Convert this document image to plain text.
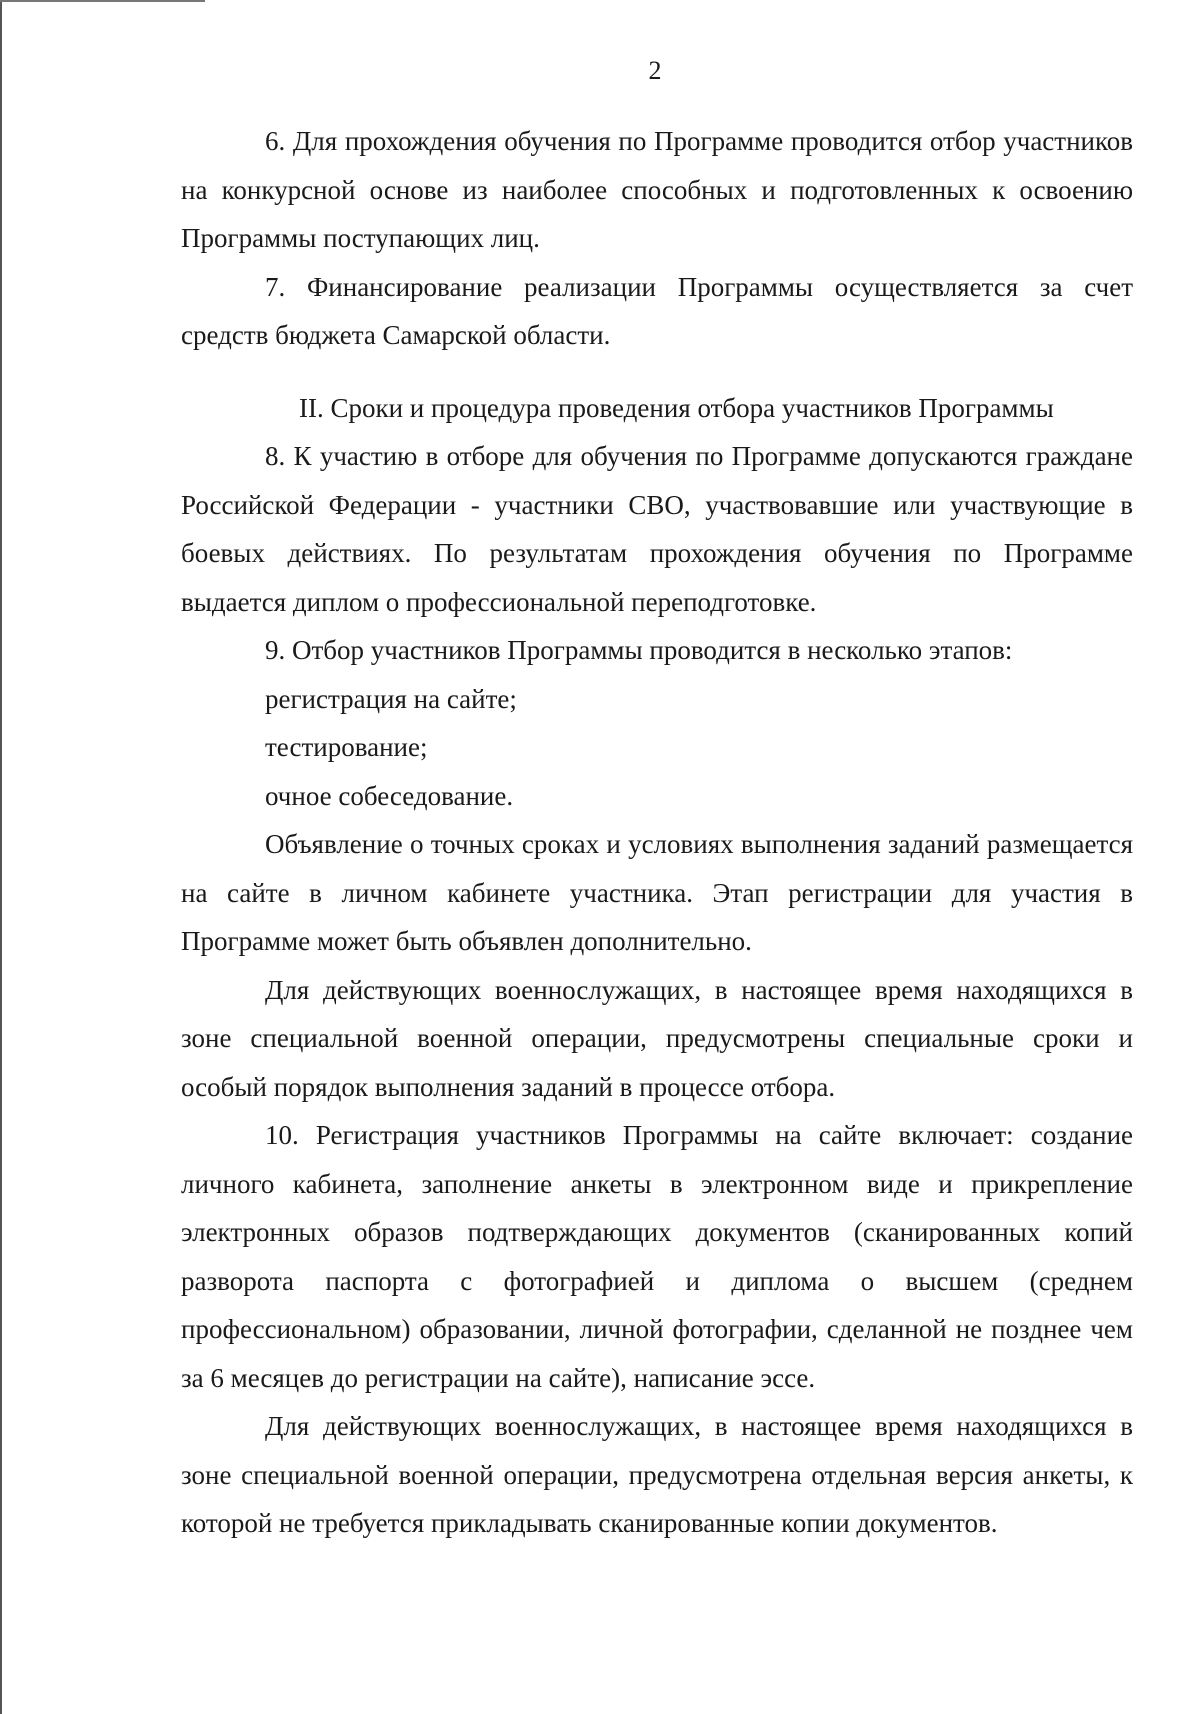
2

6. Для прохождения обучения по Программе проводится отбор участников на конкурсной основе из наиболее способных и подготовленных к освоению Программы поступающих лиц.

7. Финансирование реализации Программы осуществляется за счет средств бюджета Самарской области.

II. Сроки и процедура проведения отбора участников Программы

8. К участию в отборе для обучения по Программе допускаются граждане Российской Федерации - участники СВО, участвовавшие или участвующие в боевых действиях. По результатам прохождения обучения по Программе выдается диплом о профессиональной переподготовке.

9. Отбор участников Программы проводится в несколько этапов:

регистрация на сайте;

тестирование;

очное собеседование.

Объявление о точных сроках и условиях выполнения заданий размещается на сайте в личном кабинете участника. Этап регистрации для участия в Программе может быть объявлен дополнительно.

Для действующих военнослужащих, в настоящее время находящихся в зоне специальной военной операции, предусмотрены специальные сроки и особый порядок выполнения заданий в процессе отбора.

10. Регистрация участников Программы на сайте включает: создание личного кабинета, заполнение анкеты в электронном виде и прикрепление электронных образов подтверждающих документов (сканированных копий разворота паспорта с фотографией и диплома о высшем (среднем профессиональном) образовании, личной фотографии, сделанной не позднее чем за 6 месяцев до регистрации на сайте), написание эссе.

Для действующих военнослужащих, в настоящее время находящихся в зоне специальной военной операции, предусмотрена отдельная версия анкеты, к которой не требуется прикладывать сканированные копии документов.
